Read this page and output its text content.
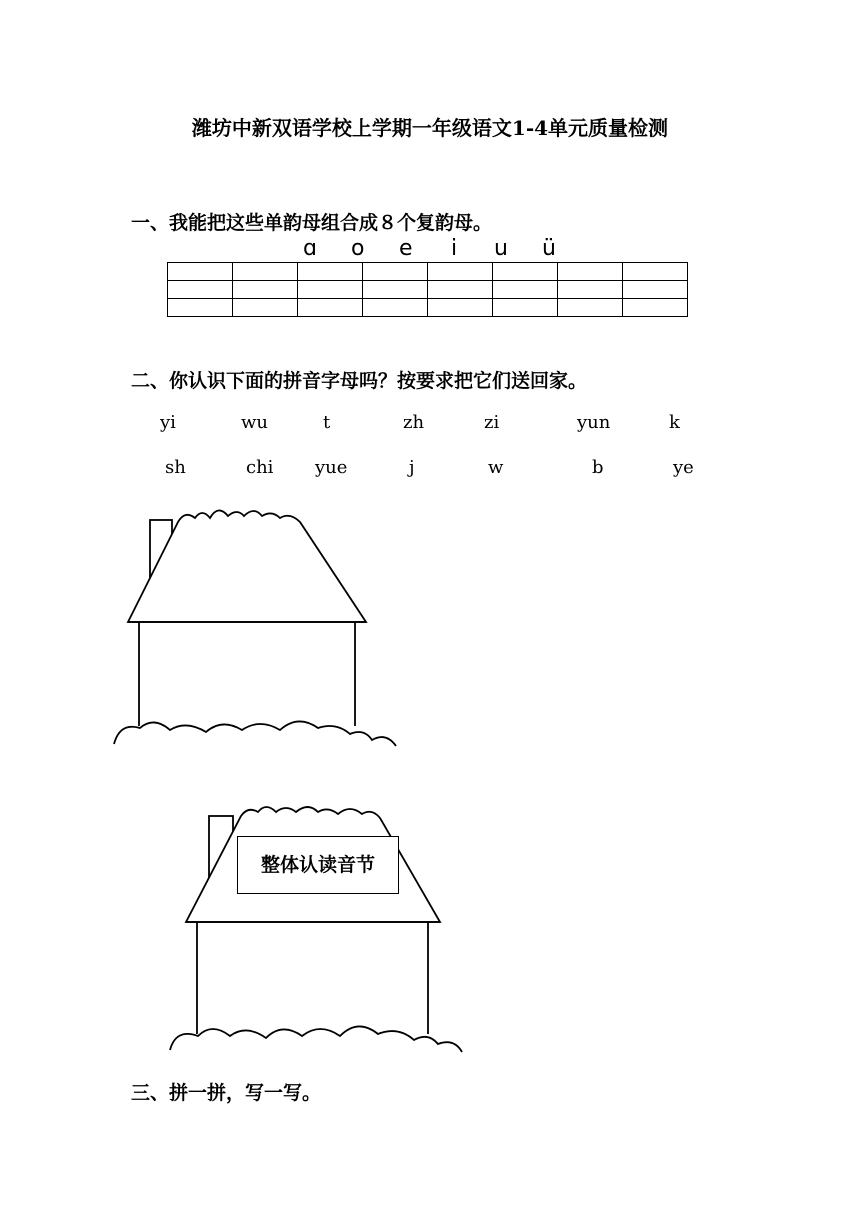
潍坊中新双语学校上学期一年级语文1-4单元质量检测
一、我能把这些单韵母组合成８个复韵母。
ɑ o e i u ü

二、你认识下面的拼音字母吗？按要求把它们送回家。
yi	wu	t	zh	zi	yun	k
sh	chi yue	j	w	b	ye
整体认读音节
三、拼一拼，写一写。
